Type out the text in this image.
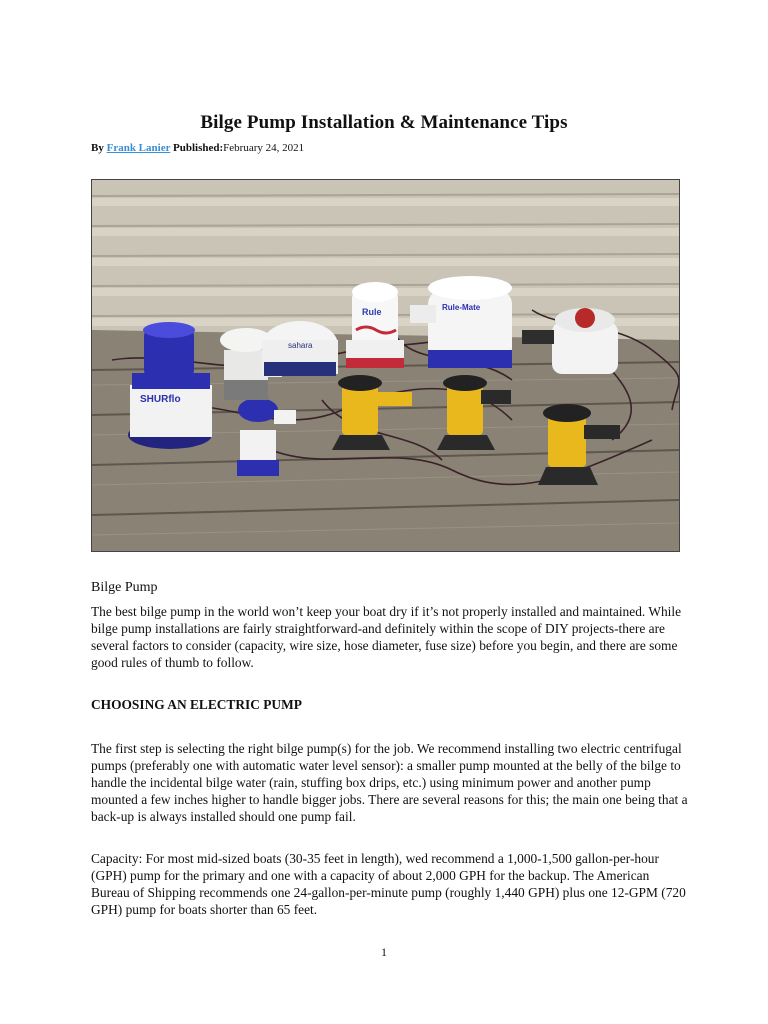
Bilge Pump Installation & Maintenance Tips
By Frank Lanier Published:February 24, 2021
SHURflo
sahara
Rule	Rule-Mate
Bilge Pump
The best bilge pump in the world won’t keep your boat dry if it’s not properly installed and maintained. While bilge pump installations are fairly straightforward-and definitely within the scope of DIY projects-there are several factors to consider (capacity, wire size, hose diameter, fuse size) before you begin, and there are some good rules of thumb to follow.
CHOOSING AN ELECTRIC PUMP
The first step is selecting the right bilge pump(s) for the job. We recommend installing two electric centrifugal pumps (preferably one with automatic water level sensor): a smaller pump mounted at the belly of the bilge to handle the incidental bilge water (rain, stuffing box drips, etc.) using minimum power and another pump mounted a few inches higher to handle bigger jobs. There are several reasons for this; the main one being that a back-up is always installed should one pump fail.
Capacity: For most mid-sized boats (30-35 feet in length), wed recommend a 1,000-1,500 gallon-per-hour (GPH) pump for the primary and one with a capacity of about 2,000 GPH for the backup. The American Bureau of Shipping recommends one 24-gallon-per-minute pump (roughly 1,440 GPH) plus one 12-GPM (720 GPH) pump for boats shorter than 65 feet.
1
